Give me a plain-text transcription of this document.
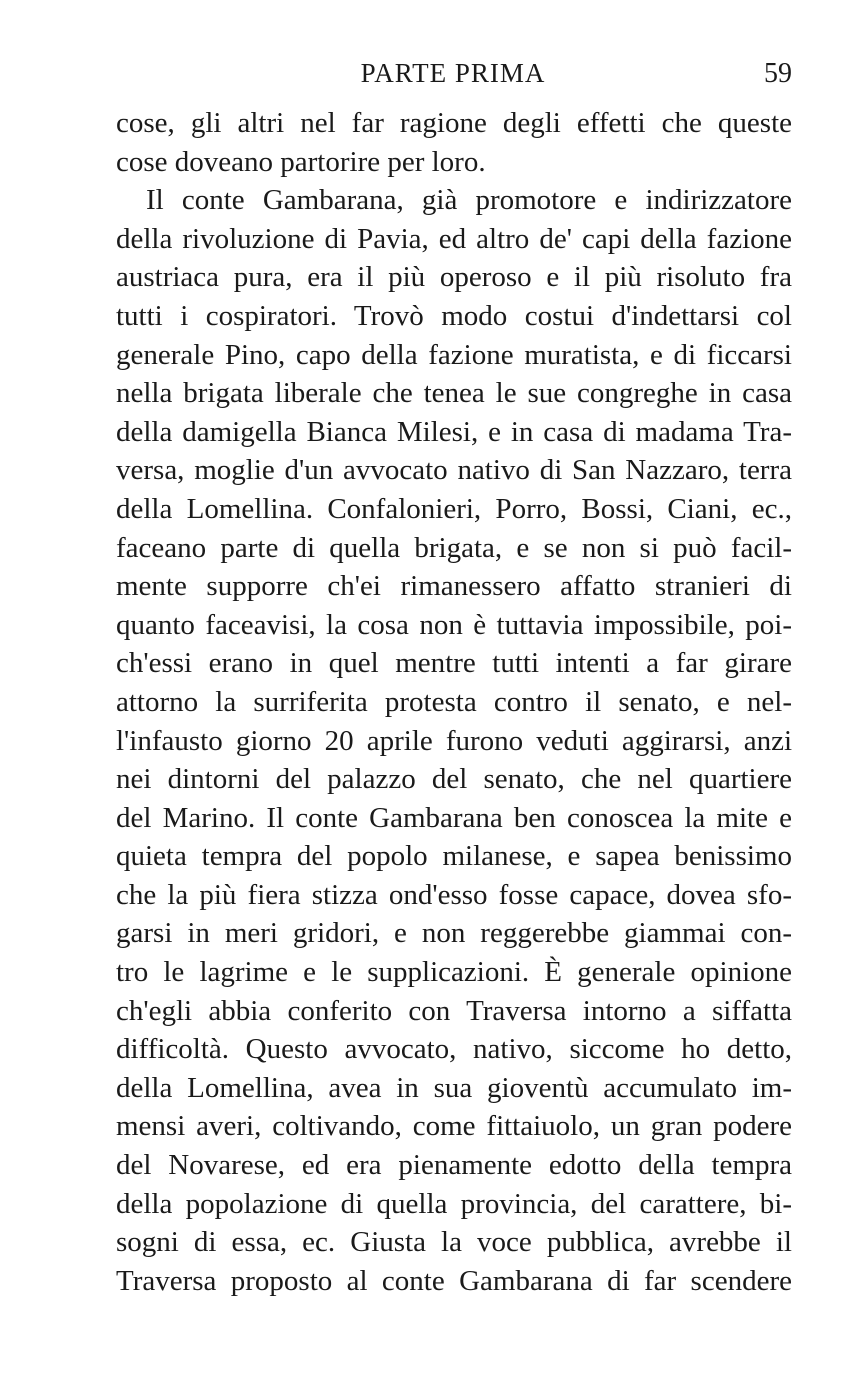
PARTE PRIMA	59
cose, gli altri nel far ragione degli effetti che queste
cose doveano partorire per loro.
Il conte Gambarana, già promotore e indirizzatore
della rivoluzione di Pavia, ed altro de' capi della fazione
austriaca pura, era il più operoso e il più risoluto fra
tutti i cospiratori. Trovò modo costui d'indettarsi col
generale Pino, capo della fazione muratista, e di ficcarsi
nella brigata liberale che tenea le sue congreghe in casa
della damigella Bianca Milesi, e in casa di madama Tra-
versa, moglie d'un avvocato nativo di San Nazzaro, terra
della Lomellina. Confalonieri, Porro, Bossi, Ciani, ec.,
faceano parte di quella brigata, e se non si può facil-
mente supporre ch'ei rimanessero affatto stranieri di
quanto faceavisi, la cosa non è tuttavia impossibile, poi-
ch'essi erano in quel mentre tutti intenti a far girare
attorno la surriferita protesta contro il senato, e nel-
l'infausto giorno 20 aprile furono veduti aggirarsi, anzi
nei dintorni del palazzo del senato, che nel quartiere
del Marino. Il conte Gambarana ben conoscea la mite e
quieta tempra del popolo milanese, e sapea benissimo
che la più fiera stizza ond'esso fosse capace, dovea sfo-
garsi in meri gridori, e non reggerebbe giammai con-
tro le lagrime e le supplicazioni. È generale opinione
ch'egli abbia conferito con Traversa intorno a siffatta
difficoltà. Questo avvocato, nativo, siccome ho detto,
della Lomellina, avea in sua gioventù accumulato im-
mensi averi, coltivando, come fittaiuolo, un gran podere
del Novarese, ed era pienamente edotto della tempra
della popolazione di quella provincia, del carattere, bi-
sogni di essa, ec. Giusta la voce pubblica, avrebbe il
Traversa proposto al conte Gambarana di far scendere
